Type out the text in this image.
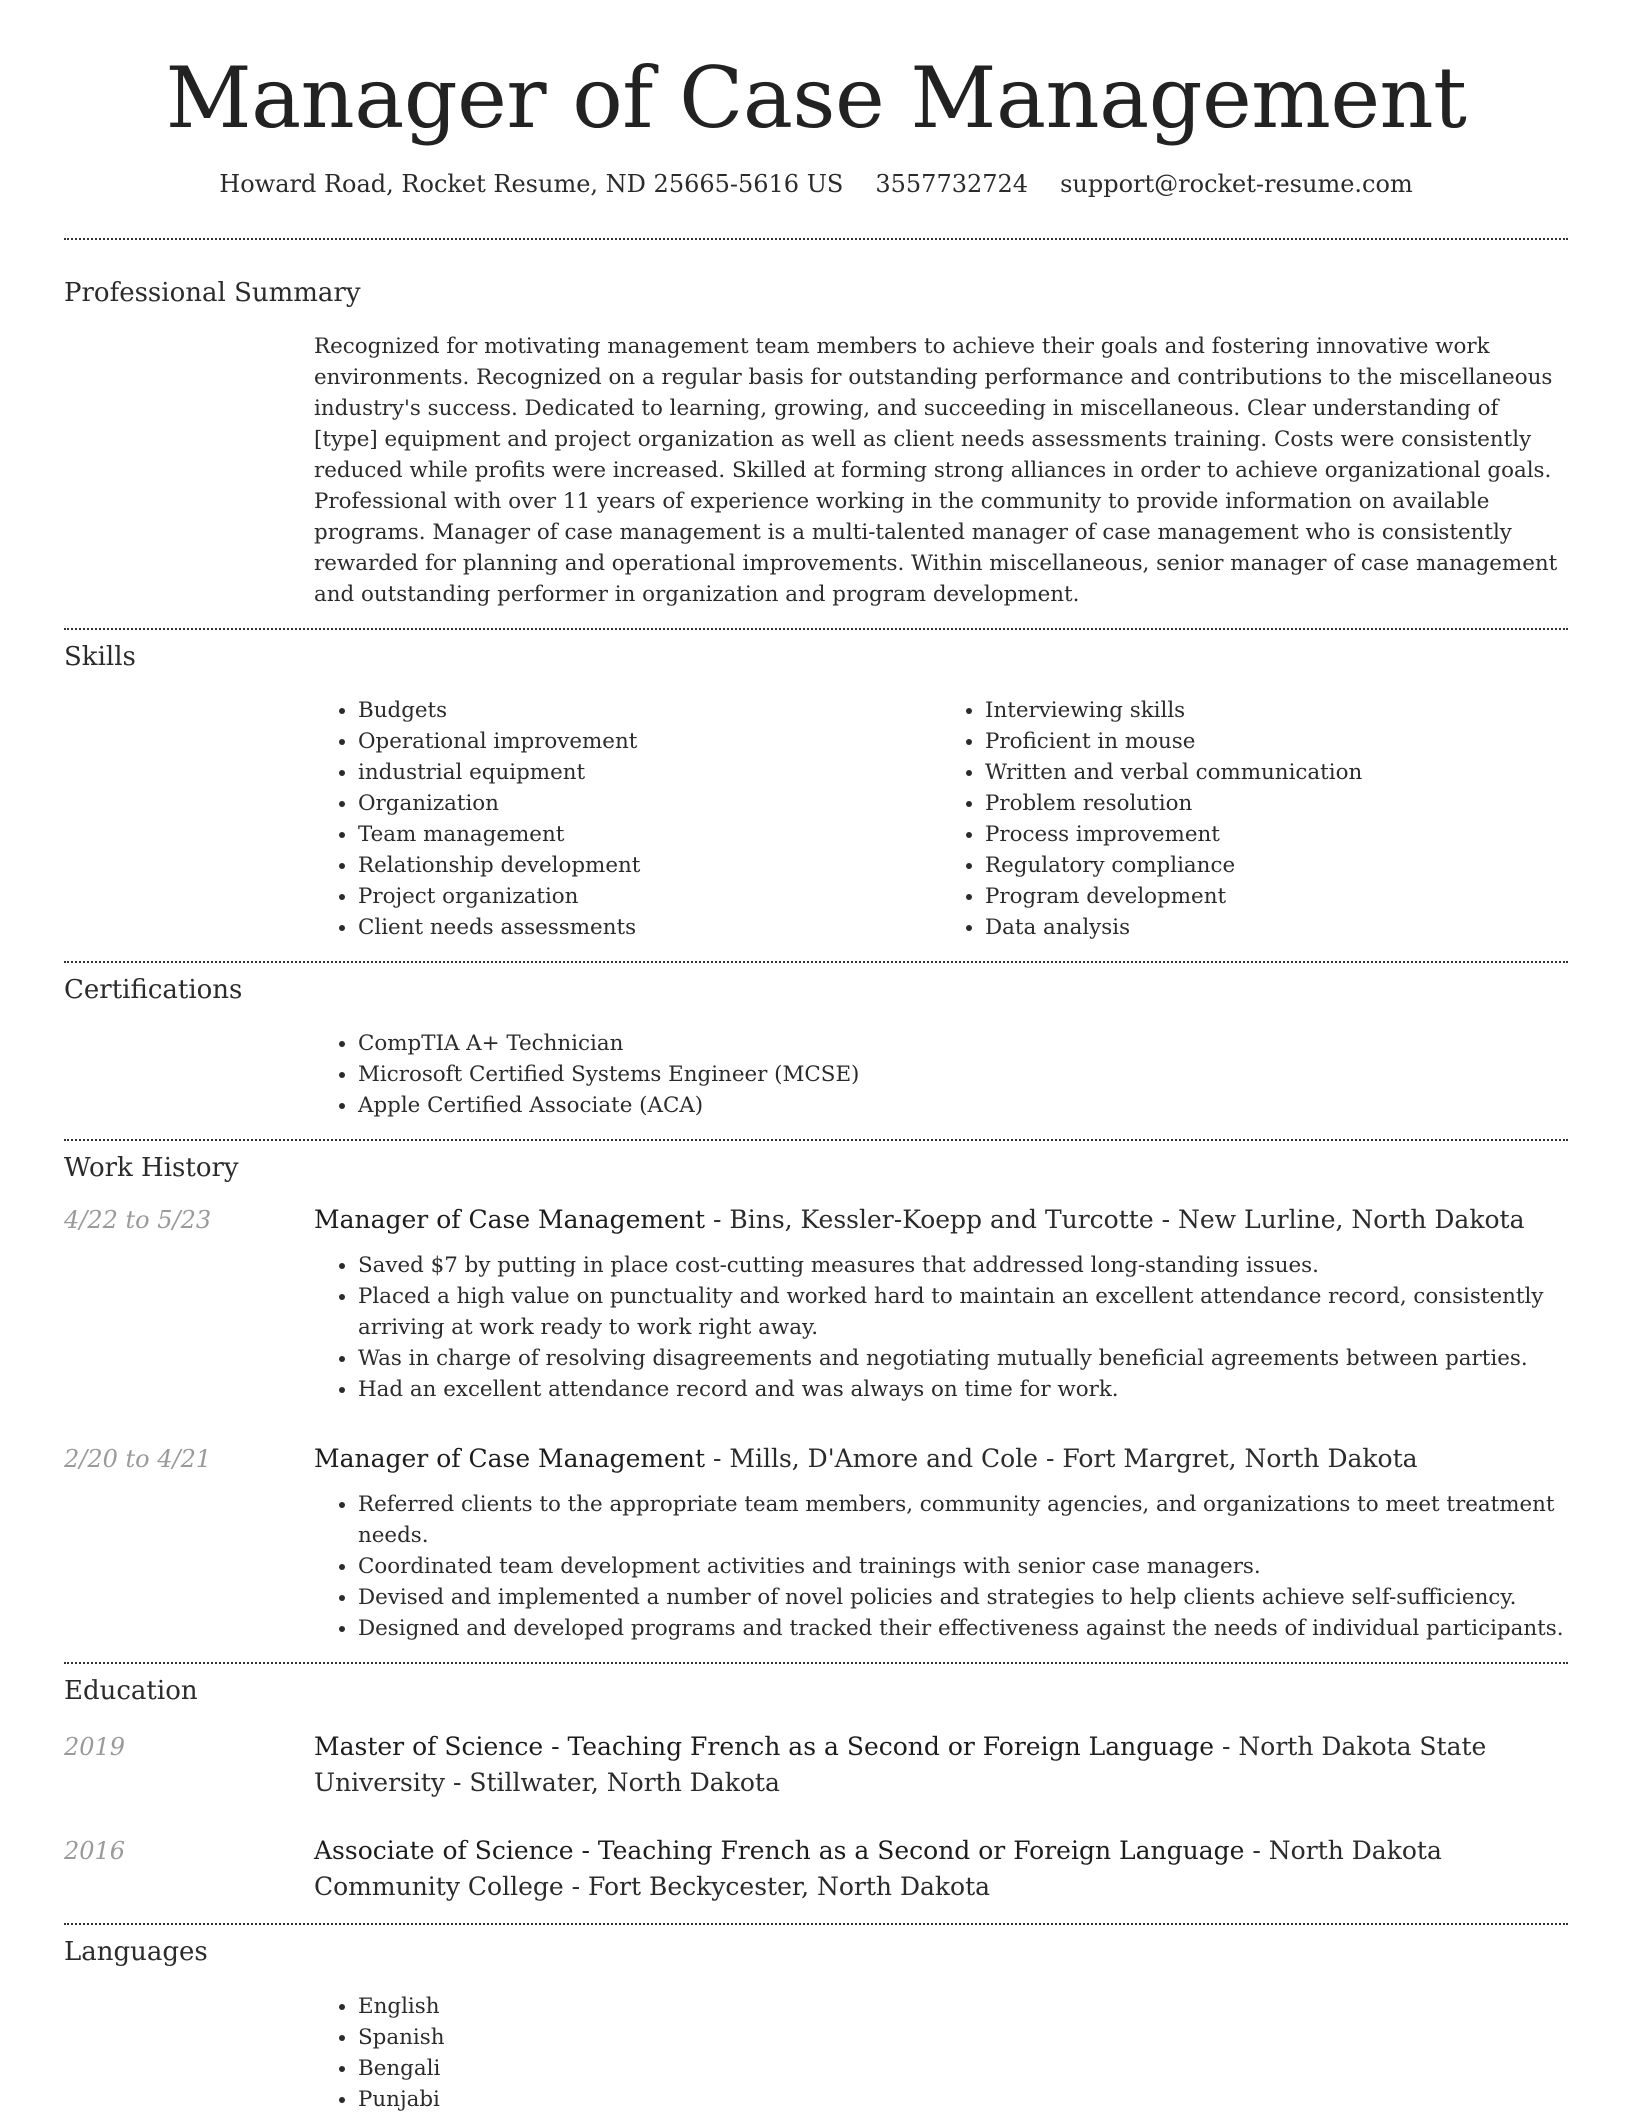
Manager of Case Management
Howard Road, Rocket Resume, ND 25665-5616 US 3557732724 support@rocket-resume.com
Professional Summary

Recognized for motivating management team members to achieve their goals and fostering innovative work environments. Recognized on a regular basis for outstanding performance and contributions to the miscellaneous industry's success. Dedicated to learning, growing, and succeeding in miscellaneous. Clear understanding of [type] equipment and project organization as well as client needs assessments training. Costs were consistently reduced while profits were increased. Skilled at forming strong alliances in order to achieve organizational goals. Professional with over 11 years of experience working in the community to provide information on available programs. Manager of case management is a multi-talented manager of case management who is consistently rewarded for planning and operational improvements. Within miscellaneous, senior manager of case management and outstanding performer in organization and program development.

Skills
• Budgets
• Operational improvement
• industrial equipment
• Organization
• Team management
• Relationship development
• Project organization
• Client needs assessments
• Interviewing skills
• Proficient in mouse
• Written and verbal communication
• Problem resolution
• Process improvement
• Regulatory compliance
• Program development
• Data analysis
Certifications
• CompTIA A+ Technician
• Microsoft Certified Systems Engineer (MCSE)
• Apple Certified Associate (ACA)
Work History
4/22 to 5/23	Manager of Case Management - Bins, Kessler-Koepp and Turcotte - New Lurline, North Dakota
• Saved $7 by putting in place cost-cutting measures that addressed long-standing issues.
• Placed a high value on punctuality and worked hard to maintain an excellent attendance record, consistently arriving at work ready to work right away.
• Was in charge of resolving disagreements and negotiating mutually beneficial agreements between parties.
• Had an excellent attendance record and was always on time for work.
2/20 to 4/21	Manager of Case Management - Mills, D'Amore and Cole - Fort Margret, North Dakota
• Referred clients to the appropriate team members, community agencies, and organizations to meet treatment needs.
• Coordinated team development activities and trainings with senior case managers.
• Devised and implemented a number of novel policies and strategies to help clients achieve self-sufficiency.
• Designed and developed programs and tracked their effectiveness against the needs of individual participants.
Education
2019	Master of Science - Teaching French as a Second or Foreign Language - North Dakota State University - Stillwater, North Dakota
2016	Associate of Science - Teaching French as a Second or Foreign Language - North Dakota Community College - Fort Beckycester, North Dakota
Languages
• English
• Spanish
• Bengali
• Punjabi
